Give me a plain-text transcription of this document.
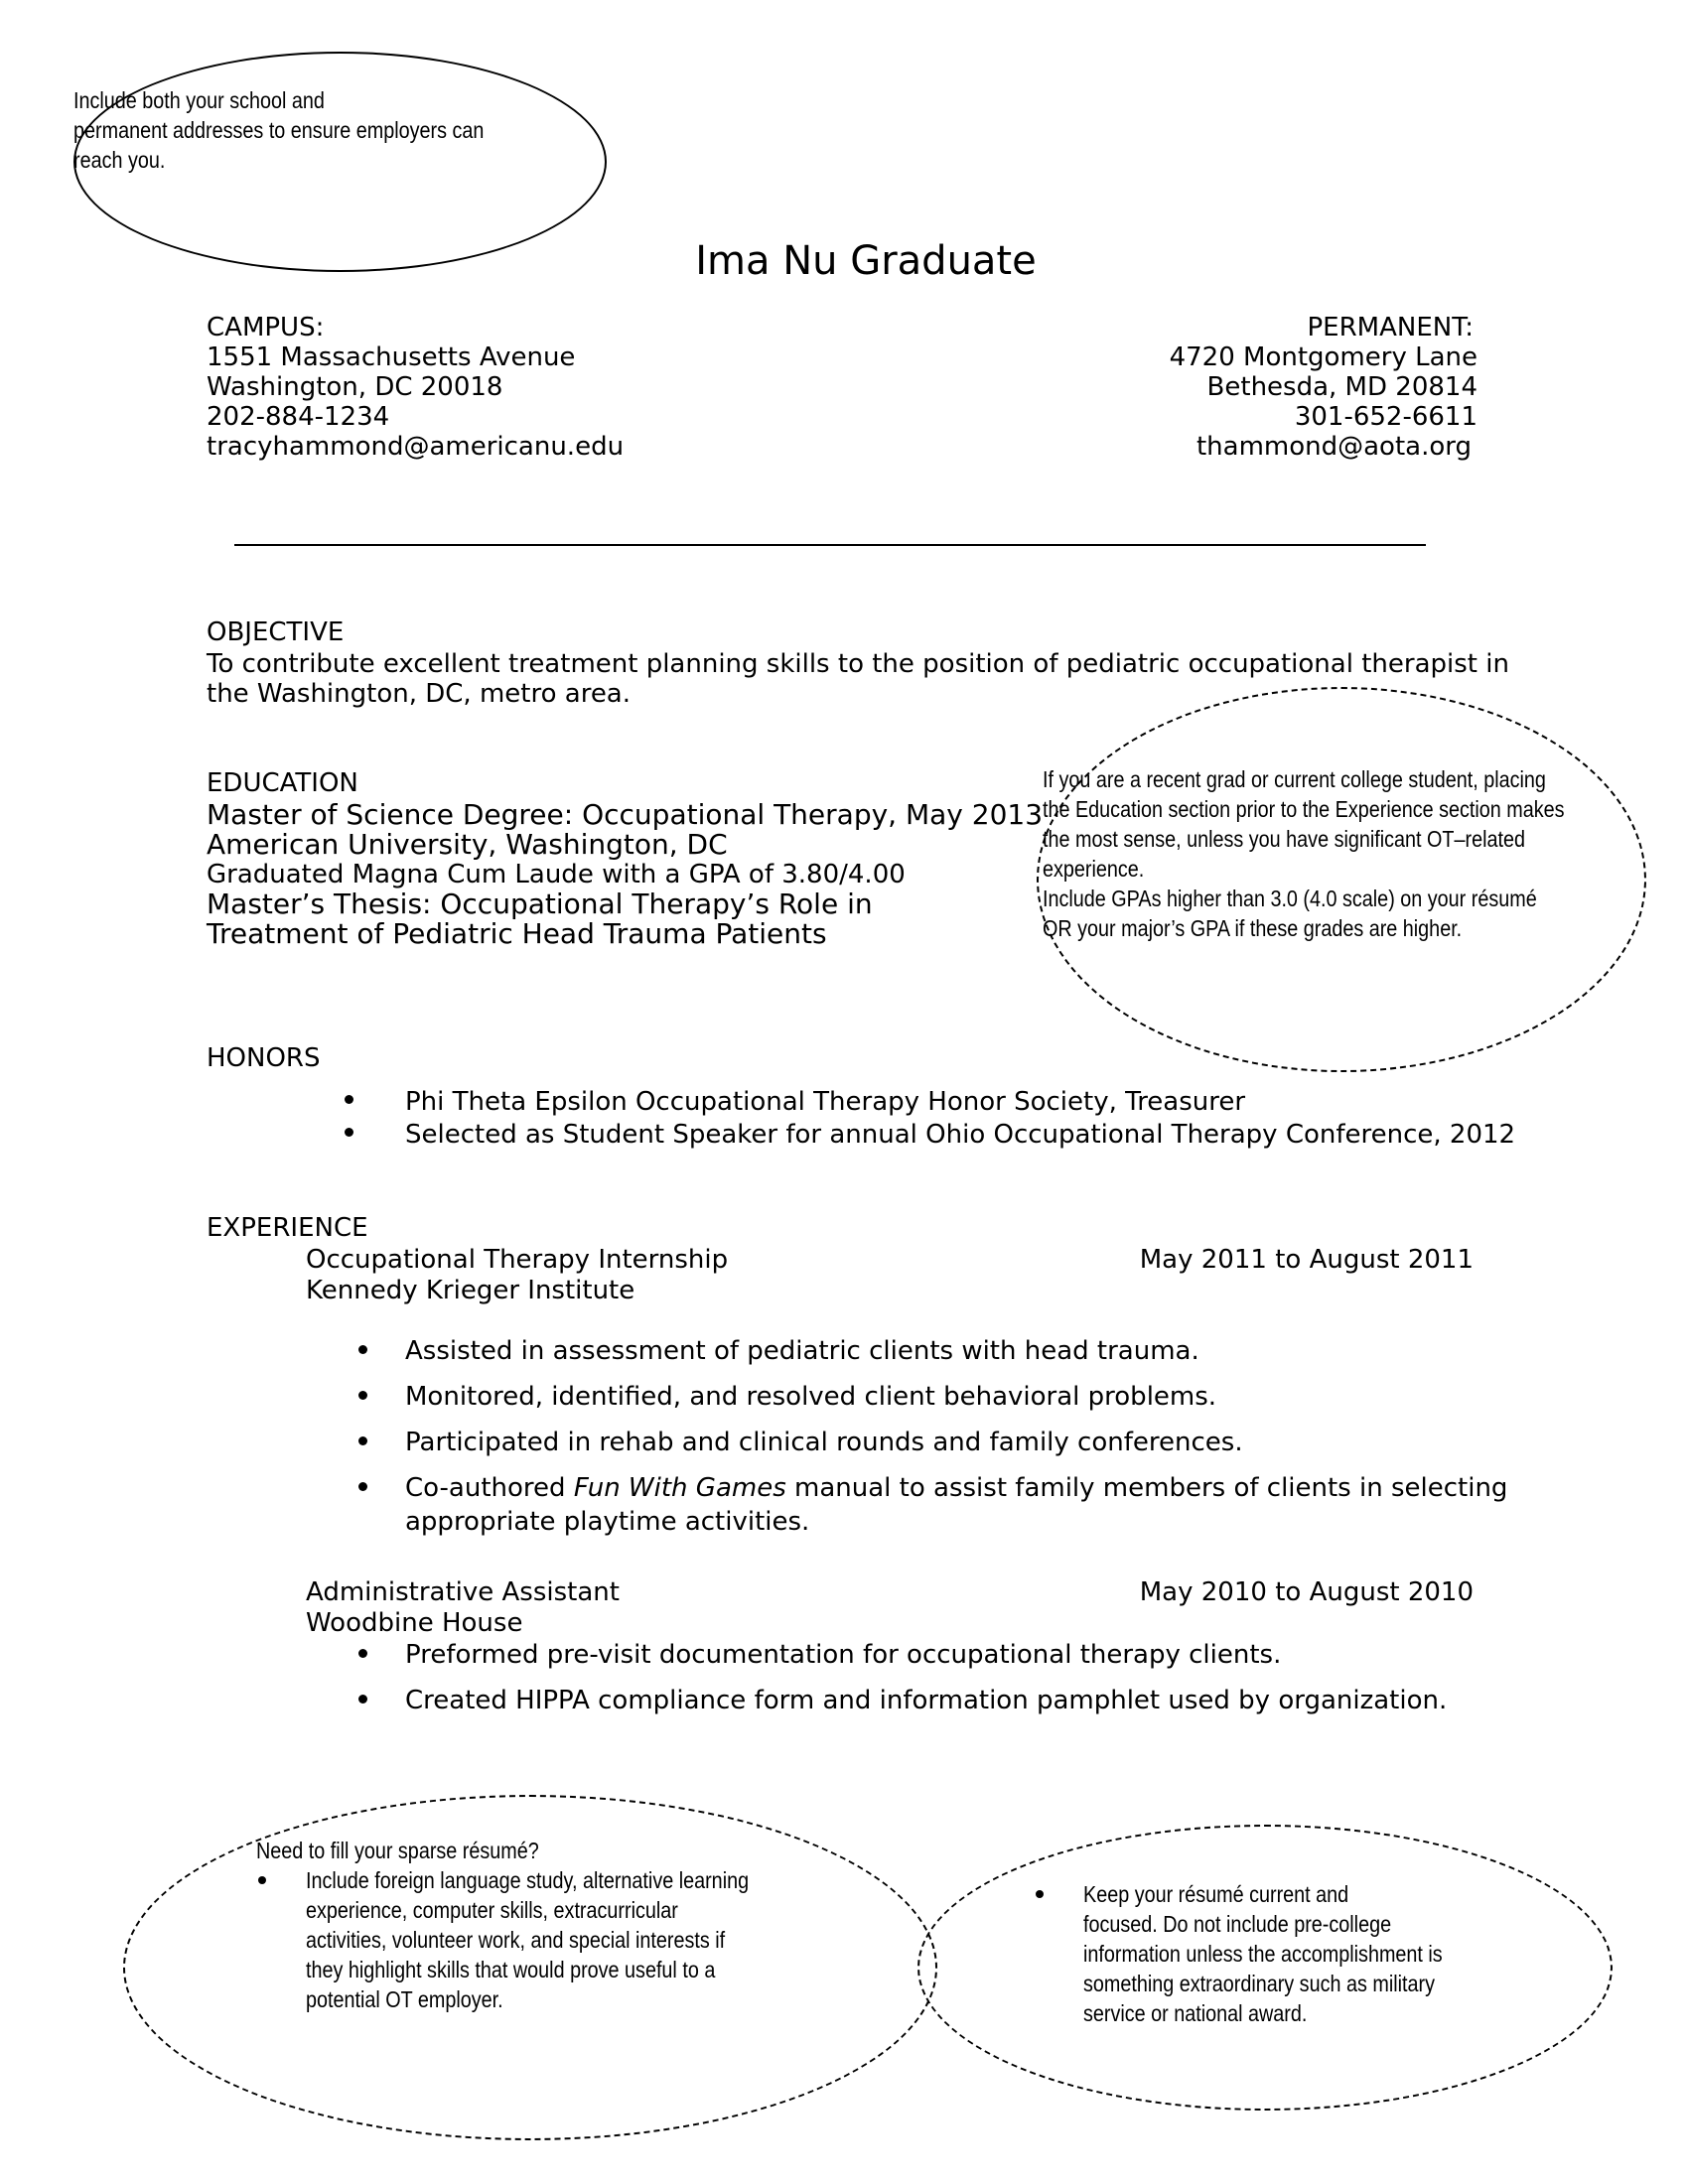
Include both your school and
permanent addresses to ensure employers can
reach you.
Ima Nu Graduate
CAMPUS:
1551 Massachusetts Avenue
Washington, DC 20018
202-884-1234
tracyhammond@americanu.edu
PERMANENT:
4720 Montgomery Lane
Bethesda, MD 20814
301-652-6611
thammond@aota.org
OBJECTIVE
To contribute excellent treatment planning skills to the position of pediatric occupational therapist in
the Washington, DC, metro area.
EDUCATION
Master of Science Degree: Occupational Therapy, May 2013
American University, Washington, DC
Graduated Magna Cum Laude with a GPA of 3.80/4.00
Master’s Thesis: Occupational Therapy’s Role in
Treatment of Pediatric Head Trauma Patients
If you are a recent grad or current college student, placing
the Education section prior to the Experience section makes
the most sense, unless you have significant OT–related
experience.
Include GPAs higher than 3.0 (4.0 scale) on your résumé
OR your major’s GPA if these grades are higher.
HONORS
Phi Theta Epsilon Occupational Therapy Honor Society, Treasurer
Selected as Student Speaker for annual Ohio Occupational Therapy Conference, 2012
EXPERIENCE
Occupational Therapy Internship	May 2011 to August 2011
Kennedy Krieger Institute
Assisted in assessment of pediatric clients with head trauma.
Monitored, identified, and resolved client behavioral problems.
Participated in rehab and clinical rounds and family conferences.
Co-authored Fun With Games manual to assist family members of clients in selecting
appropriate playtime activities.
Administrative Assistant	May 2010 to August 2010
Woodbine House
Preformed pre-visit documentation for occupational therapy clients.
Created HIPPA compliance form and information pamphlet used by organization.
Need to fill your sparse résumé?
Include foreign language study, alternative learning
experience, computer skills, extracurricular
activities, volunteer work, and special interests if
they highlight skills that would prove useful to a
potential OT employer.
Keep your résumé current and
focused. Do not include pre-college
information unless the accomplishment is
something extraordinary such as military
service or national award.
